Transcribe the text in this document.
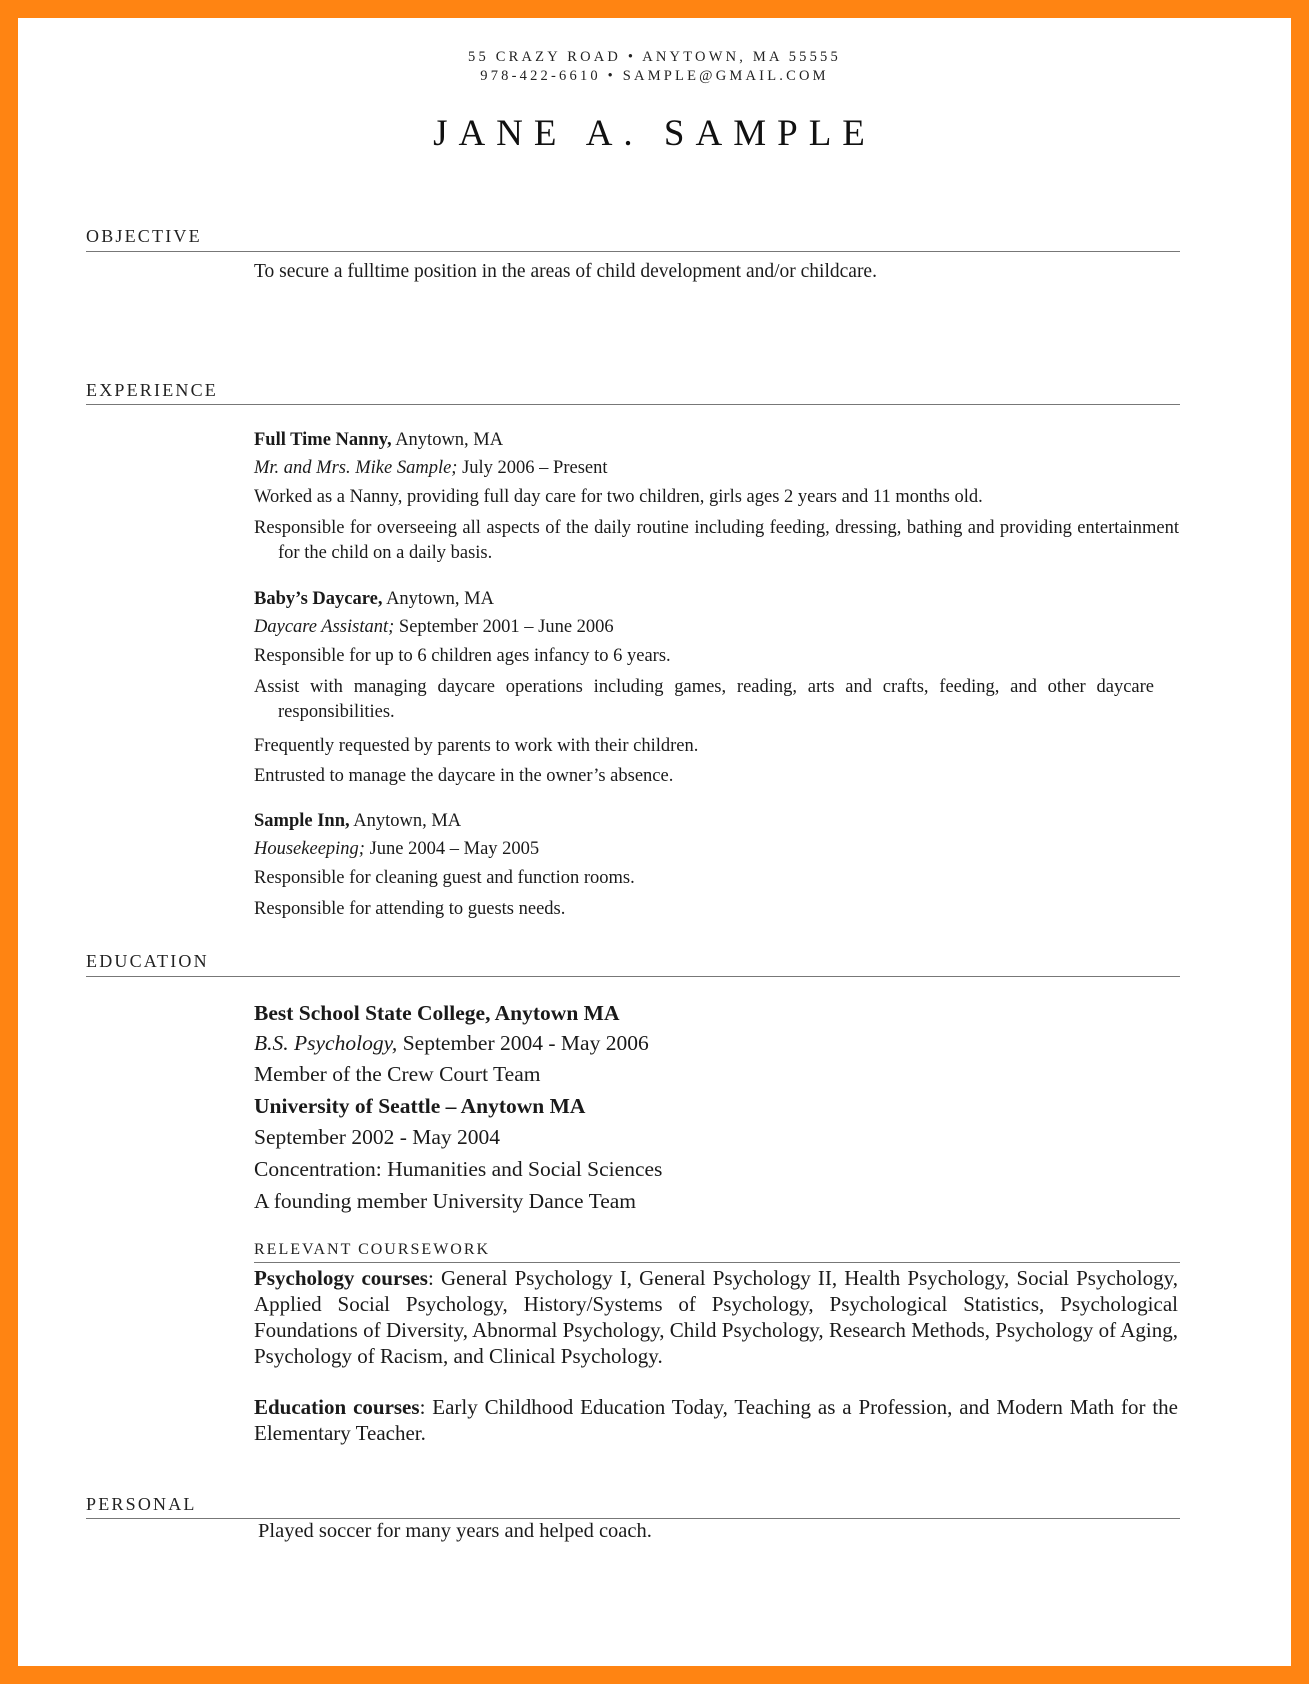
55 CRAZY ROAD • ANYTOWN, MA 55555
978-422-6610 • SAMPLE@GMAIL.COM
JANE A. SAMPLE
OBJECTIVE
To secure a fulltime position in the areas of child development and/or childcare.
EXPERIENCE
Full Time Nanny, Anytown, MA
Mr. and Mrs. Mike Sample; July 2006 – Present
Worked as a Nanny, providing full day care for two children, girls ages 2 years and 11 months old.
Responsible for overseeing all aspects of the daily routine including feeding, dressing, bathing and providing entertainment for the child on a daily basis.
Baby’s Daycare, Anytown, MA
Daycare Assistant; September 2001 – June 2006
Responsible for up to 6 children ages infancy to 6 years.
Assist with managing daycare operations including games, reading, arts and crafts, feeding, and other daycare responsibilities.
Frequently requested by parents to work with their children.
Entrusted to manage the daycare in the owner’s absence.
Sample Inn, Anytown, MA
Housekeeping; June 2004 – May 2005
Responsible for cleaning guest and function rooms.
Responsible for attending to guests needs.
EDUCATION
Best School State College, Anytown MA
B.S. Psychology, September 2004 - May 2006
Member of the Crew Court Team
University of Seattle – Anytown MA
September 2002 - May 2004
Concentration: Humanities and Social Sciences
A founding member University Dance Team
RELEVANT COURSEWORK
Psychology courses: General Psychology I, General Psychology II, Health Psychology, Social Psychology, Applied Social Psychology, History/Systems of Psychology, Psychological Statistics, Psychological Foundations of Diversity, Abnormal Psychology, Child Psychology, Research Methods, Psychology of Aging, Psychology of Racism, and Clinical Psychology.
Education courses: Early Childhood Education Today, Teaching as a Profession, and Modern Math for the Elementary Teacher.
PERSONAL
Played soccer for many years and helped coach.
